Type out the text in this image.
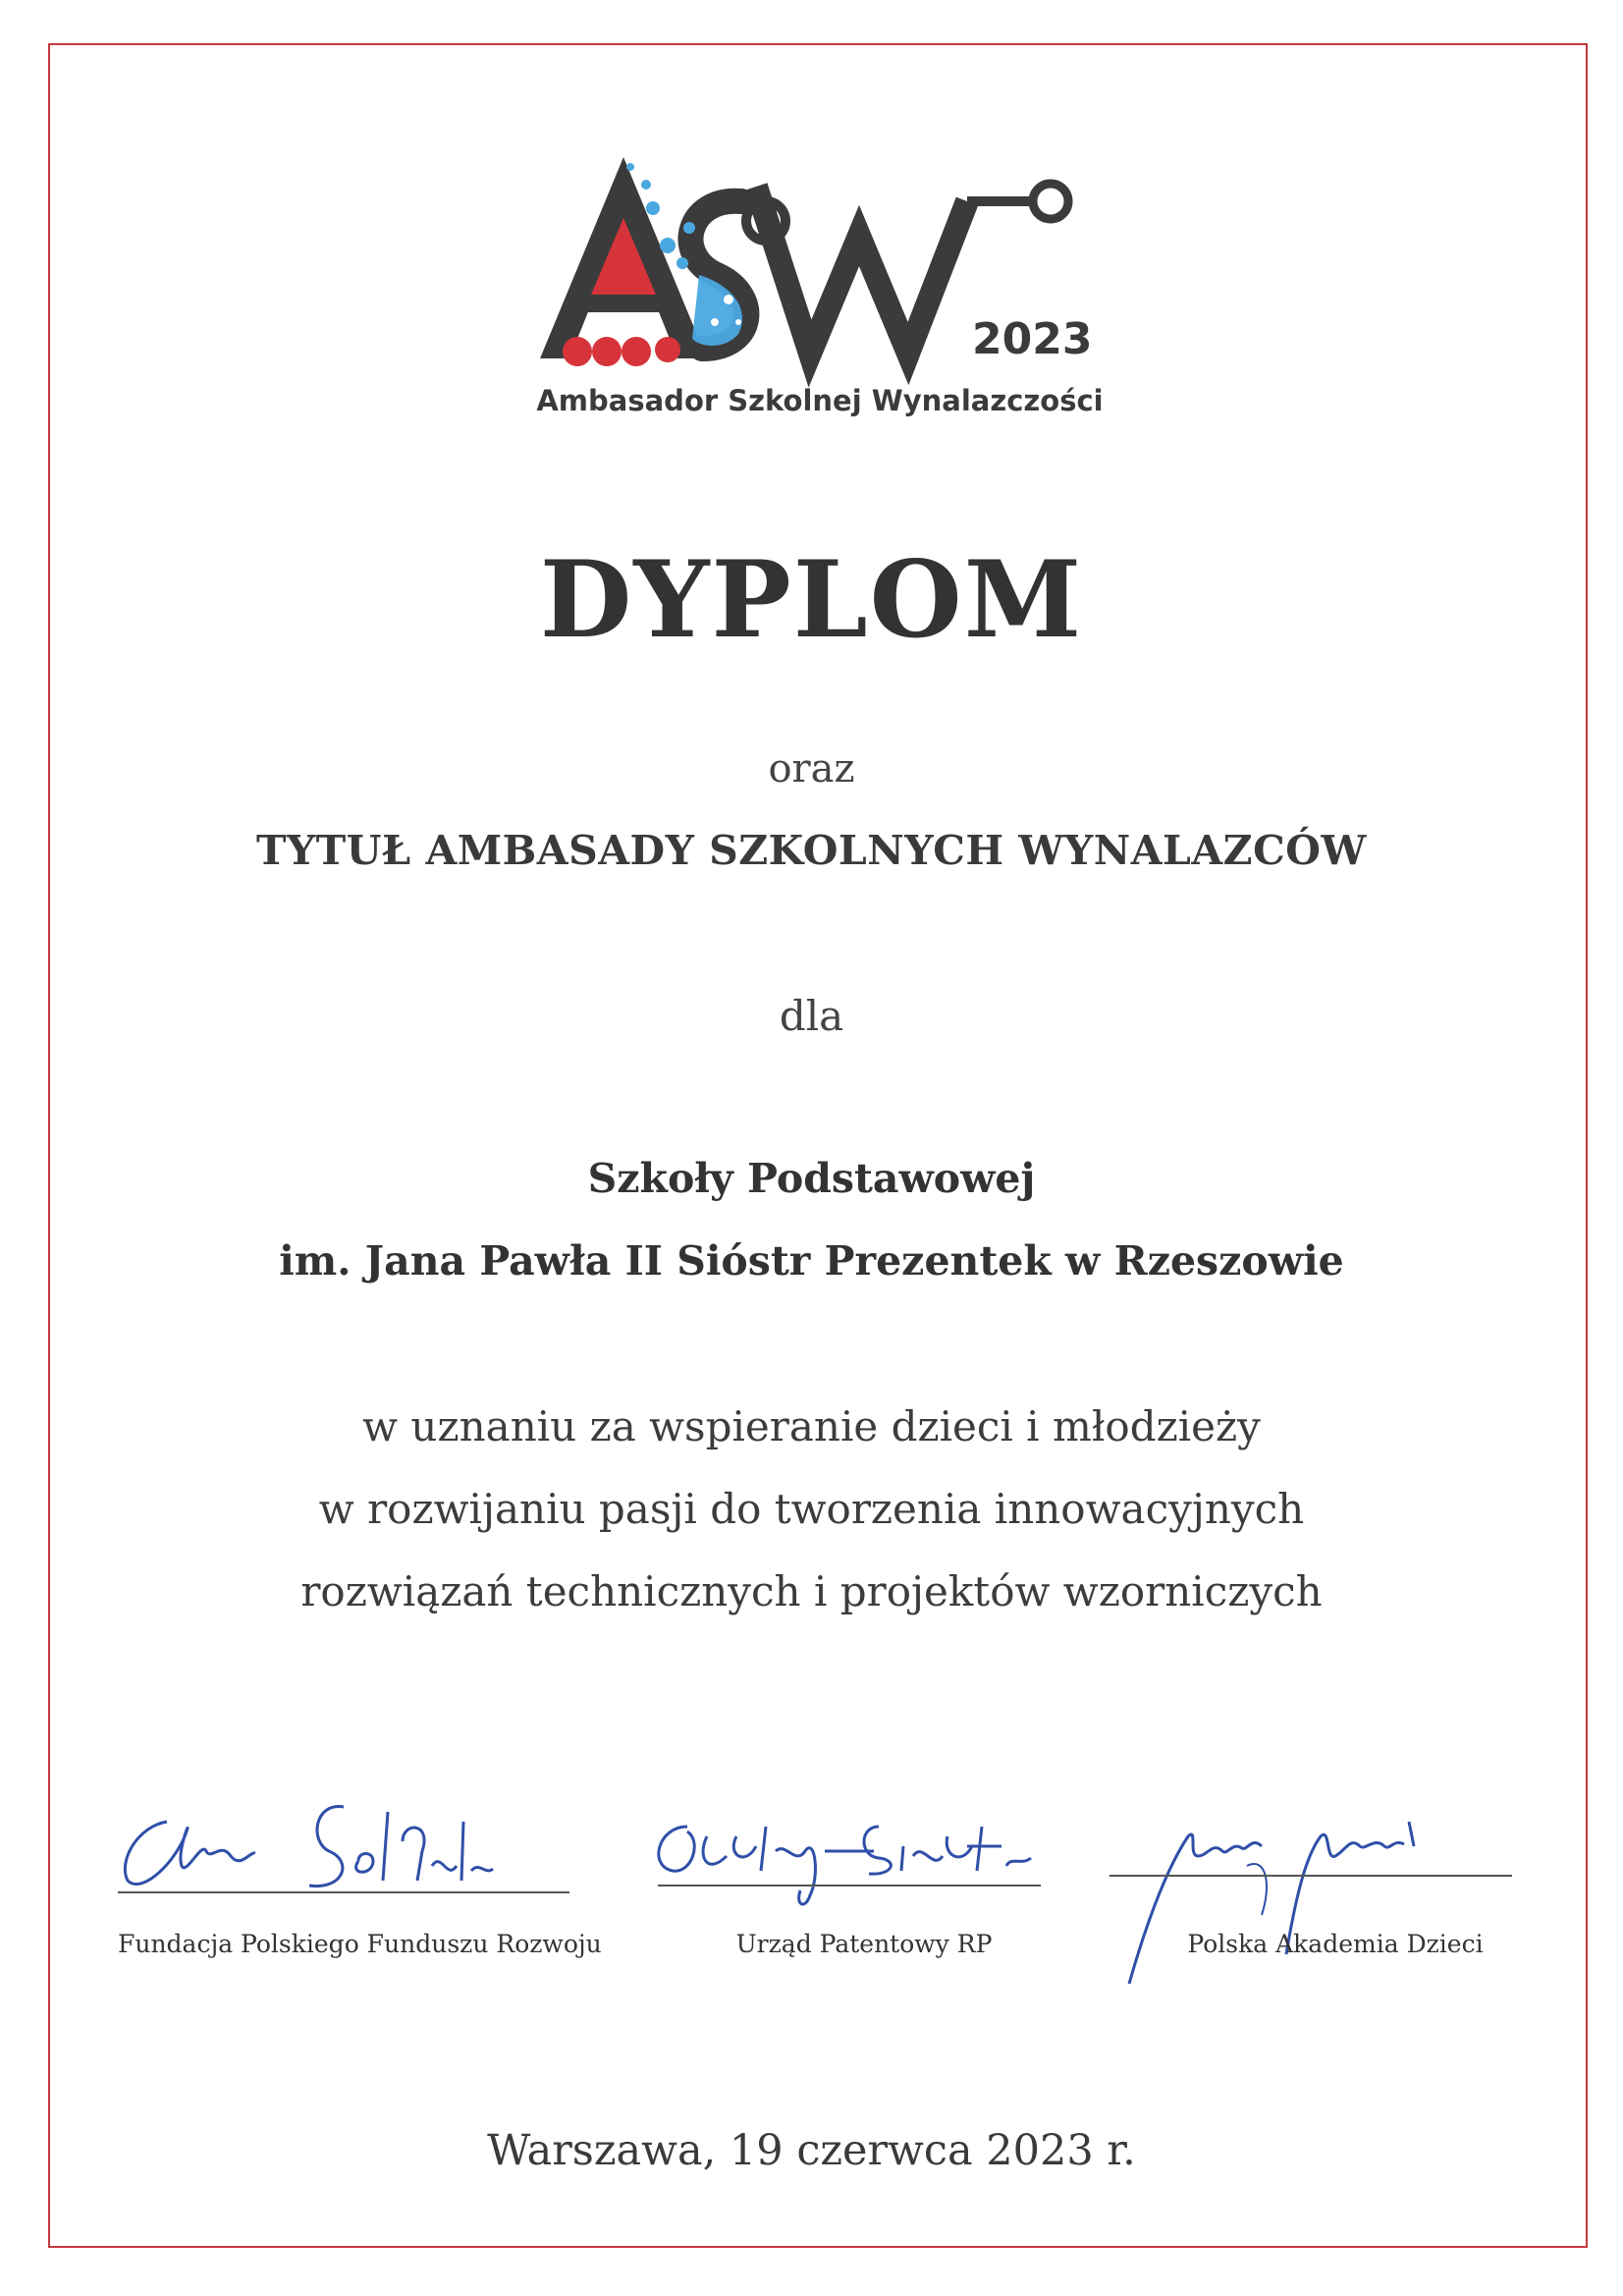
2023
Ambasador Szkolnej Wynalazczości
DYPLOM
oraz
TYTUŁ AMBASADY SZKOLNYCH WYNALAZCÓW
dla
Szkoły Podstawowej
im. Jana Pawła II Sióstr Prezentek w Rzeszowie
w uznaniu za wspieranie dzieci i młodzieży
w rozwijaniu pasji do tworzenia innowacyjnych
rozwiązań technicznych i projektów wzorniczych
Fundacja Polskiego Funduszu Rozwoju	Urząd Patentowy RP	Polska Akademia Dzieci
Warszawa, 19 czerwca 2023 r.
